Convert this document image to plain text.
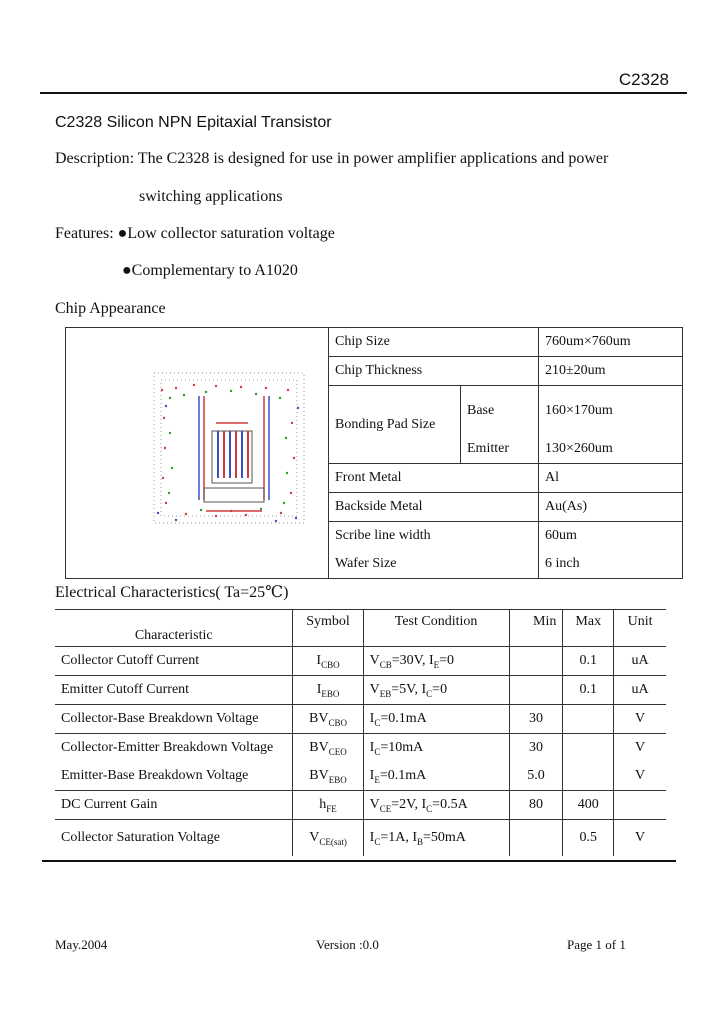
C2328
C2328 Silicon NPN Epitaxial Transistor
Description: The C2328 is designed for use in power amplifier applications and power
switching applications
Features: ●Low collector saturation voltage
●Complementary to A1020
Chip Appearance
	Chip Size		760um×760um
	Chip Thickness		210±20um
	Bonding Pad Size	Base	160×170um
		Emitter	130×260um
	Front Metal		Al
	Backside Metal		Au(As)
	Scribe line width		60um
	Wafer Size		6 inch
Electrical Characteristics( Ta=25℃)
Characteristic	Symbol	Test Condition	Min	Max	Unit
Collector Cutoff Current	$I_{CBO}$	$V_{CB}=30V$, $I_E=0$		0.1	uA
Emitter Cutoff Current	$I_{EBO}$	$V_{EB}=5V$, $I_C=0$		0.1	uA
Collector-Base Breakdown Voltage	$BV_{CBO}$	$I_C=0.1mA$	30		V
Collector-Emitter Breakdown Voltage	$BV_{CEO}$	$I_C=10mA$	30		V
Emitter-Base Breakdown Voltage	$BV_{EBO}$	$I_E=0.1mA$	5.0		V
DC Current Gain	$h_{FE}$	$V_{CE}=2V$, $I_C=0.5A$	80	400	
Collector Saturation Voltage	$V_{CE(sat)}$	$I_C=1A$, $I_B=50mA$		0.5	V
May.2004	Version :0.0	Page 1 of 1
